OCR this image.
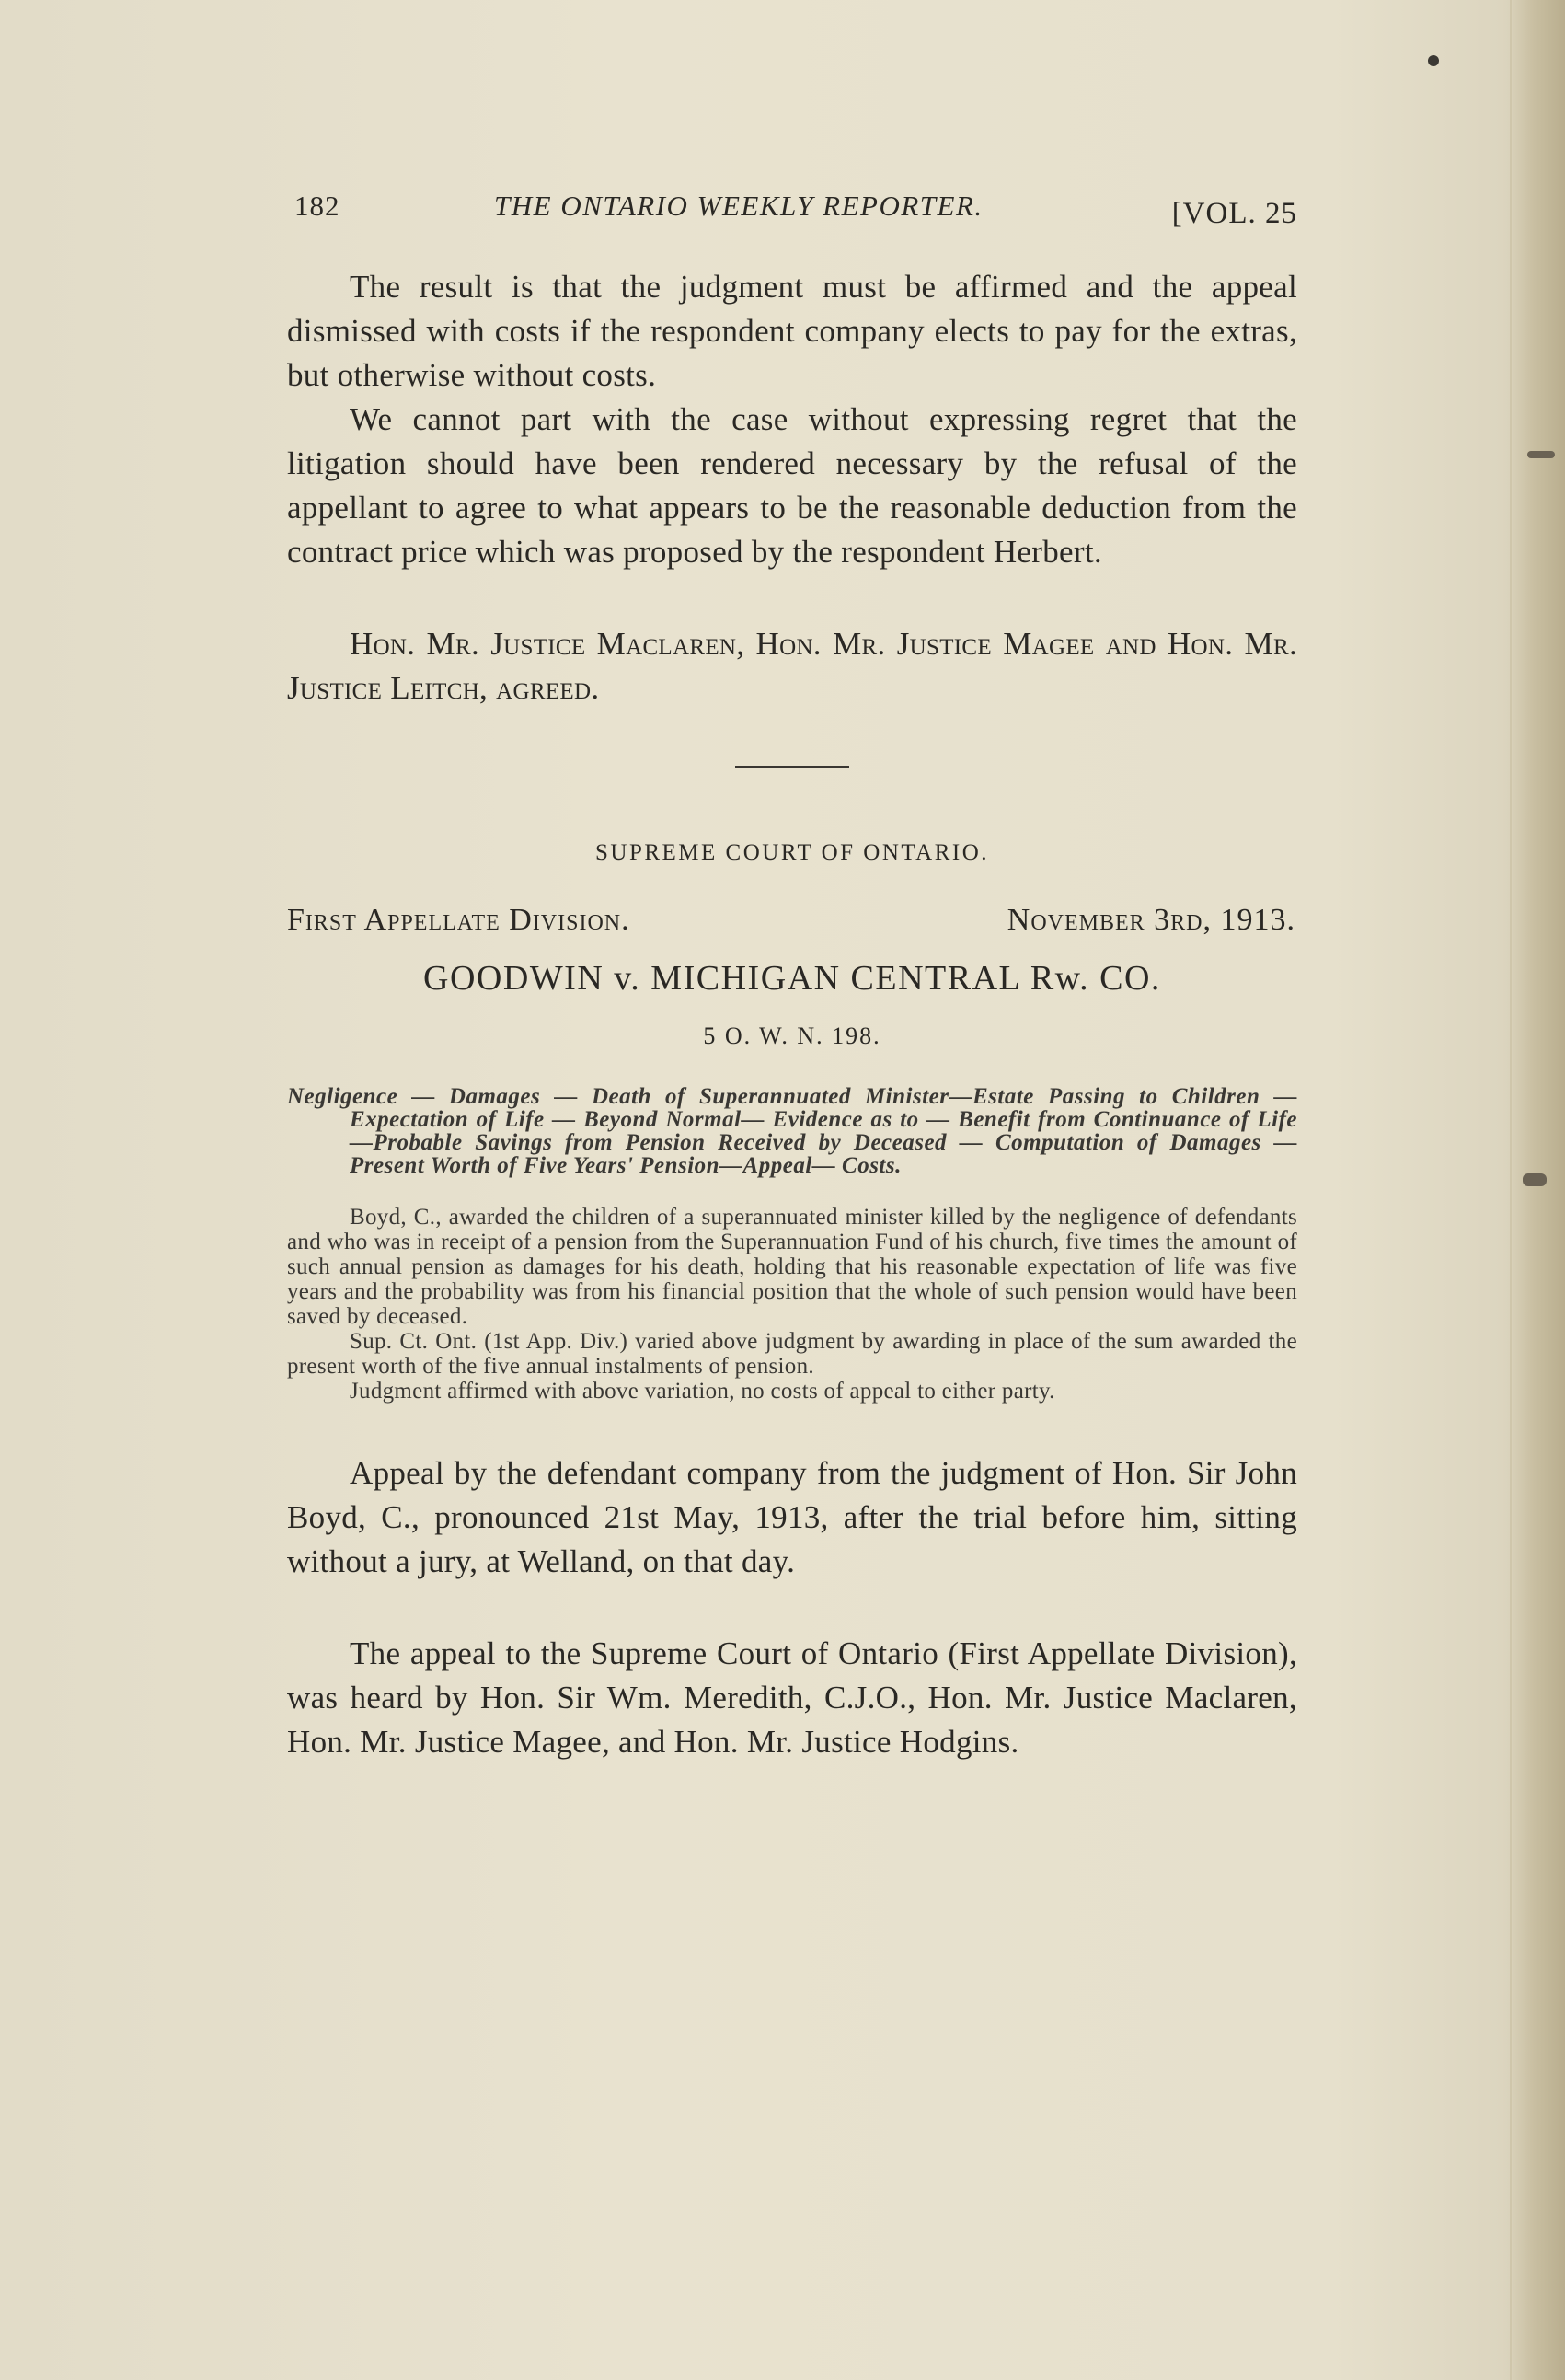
182	THE ONTARIO WEEKLY REPORTER.	[VOL. 25

The result is that the judgment must be affirmed and the appeal dismissed with costs if the respondent company elects to pay for the extras, but otherwise without costs.

We cannot part with the case without expressing regret that the litigation should have been rendered necessary by the refusal of the appellant to agree to what appears to be the reasonable deduction from the contract price which was proposed by the respondent Herbert.

Hon. Mr. Justice Maclaren, Hon. Mr. Justice Magee and Hon. Mr. Justice Leitch, agreed.

SUPREME COURT OF ONTARIO.
First Appellate Division.	November 3rd, 1913.
GOODWIN v. MICHIGAN CENTRAL Rw. CO.
5 O. W. N. 198.

Negligence — Damages — Death of Superannuated Minister—Estate Passing to Children — Expectation of Life — Beyond Normal— Evidence as to — Benefit from Continuance of Life—Probable Savings from Pension Received by Deceased — Computation of Damages — Present Worth of Five Years' Pension—Appeal— Costs.

Boyd, C., awarded the children of a superannuated minister killed by the negligence of defendants and who was in receipt of a pension from the Superannuation Fund of his church, five times the amount of such annual pension as damages for his death, holding that his reasonable expectation of life was five years and the probability was from his financial position that the whole of such pension would have been saved by deceased.

Sup. Ct. Ont. (1st App. Div.) varied above judgment by awarding in place of the sum awarded the present worth of the five annual instalments of pension.

Judgment affirmed with above variation, no costs of appeal to either party.

Appeal by the defendant company from the judgment of Hon. Sir John Boyd, C., pronounced 21st May, 1913, after the trial before him, sitting without a jury, at Welland, on that day.

The appeal to the Supreme Court of Ontario (First Appellate Division), was heard by Hon. Sir Wm. Meredith, C.J.O., Hon. Mr. Justice Maclaren, Hon. Mr. Justice Magee, and Hon. Mr. Justice Hodgins.
